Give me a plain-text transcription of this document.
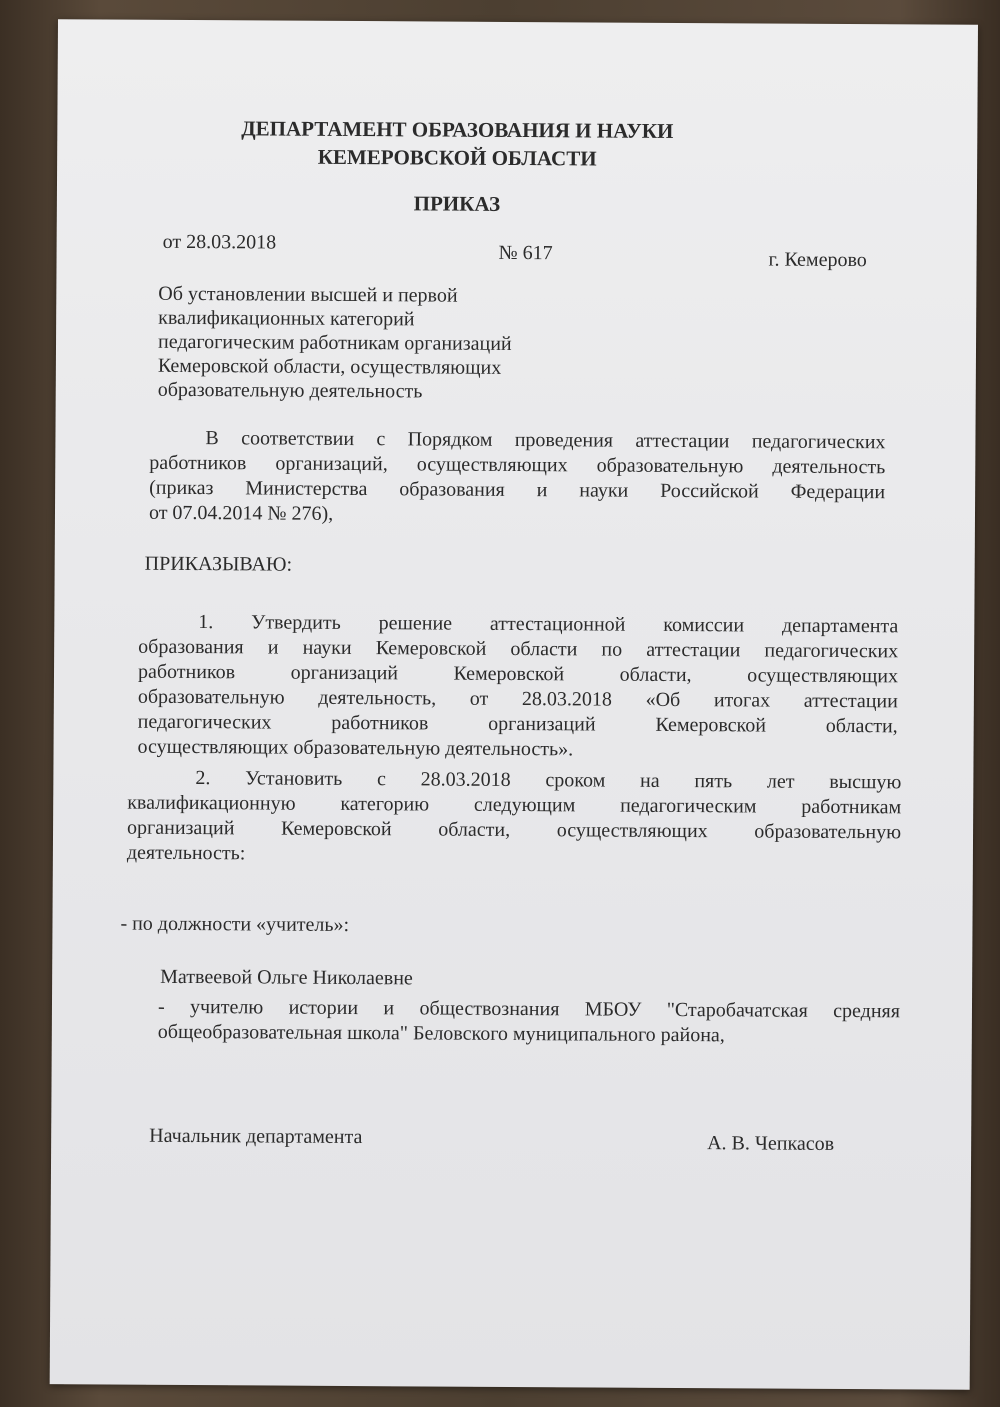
ДЕПАРТАМЕНТ ОБРАЗОВАНИЯ И НАУКИ
КЕМЕРОВСКОЙ ОБЛАСТИ
ПРИКАЗ
от 28.03.2018	№ 617	г. Кемерово
Об установлении высшей и первой
квалификационных категорий
педагогическим работникам организаций
Кемеровской области, осуществляющих
образовательную деятельность
В соответствии с Порядком проведения аттестации педагогических
работников организаций, осуществляющих образовательную деятельность
(приказ Министерства образования и науки Российской Федерации
от 07.04.2014 № 276),
ПРИКАЗЫВАЮ:
1. Утвердить решение аттестационной комиссии департамента
образования и науки Кемеровской области по аттестации педагогических
работников организаций Кемеровской области, осуществляющих
образовательную деятельность, от 28.03.2018 «Об итогах аттестации
педагогических работников организаций Кемеровской области,
осуществляющих образовательную деятельность».
2. Установить с 28.03.2018 сроком на пять лет высшую
квалификационную категорию следующим педагогическим работникам
организаций Кемеровской области, осуществляющих образовательную
деятельность:
- по должности «учитель»:
Матвеевой Ольге Николаевне
- учителю истории и обществознания МБОУ "Старобачатская средняя
общеобразовательная школа" Беловского муниципального района,
Начальник департамента	А. В. Чепкасов
